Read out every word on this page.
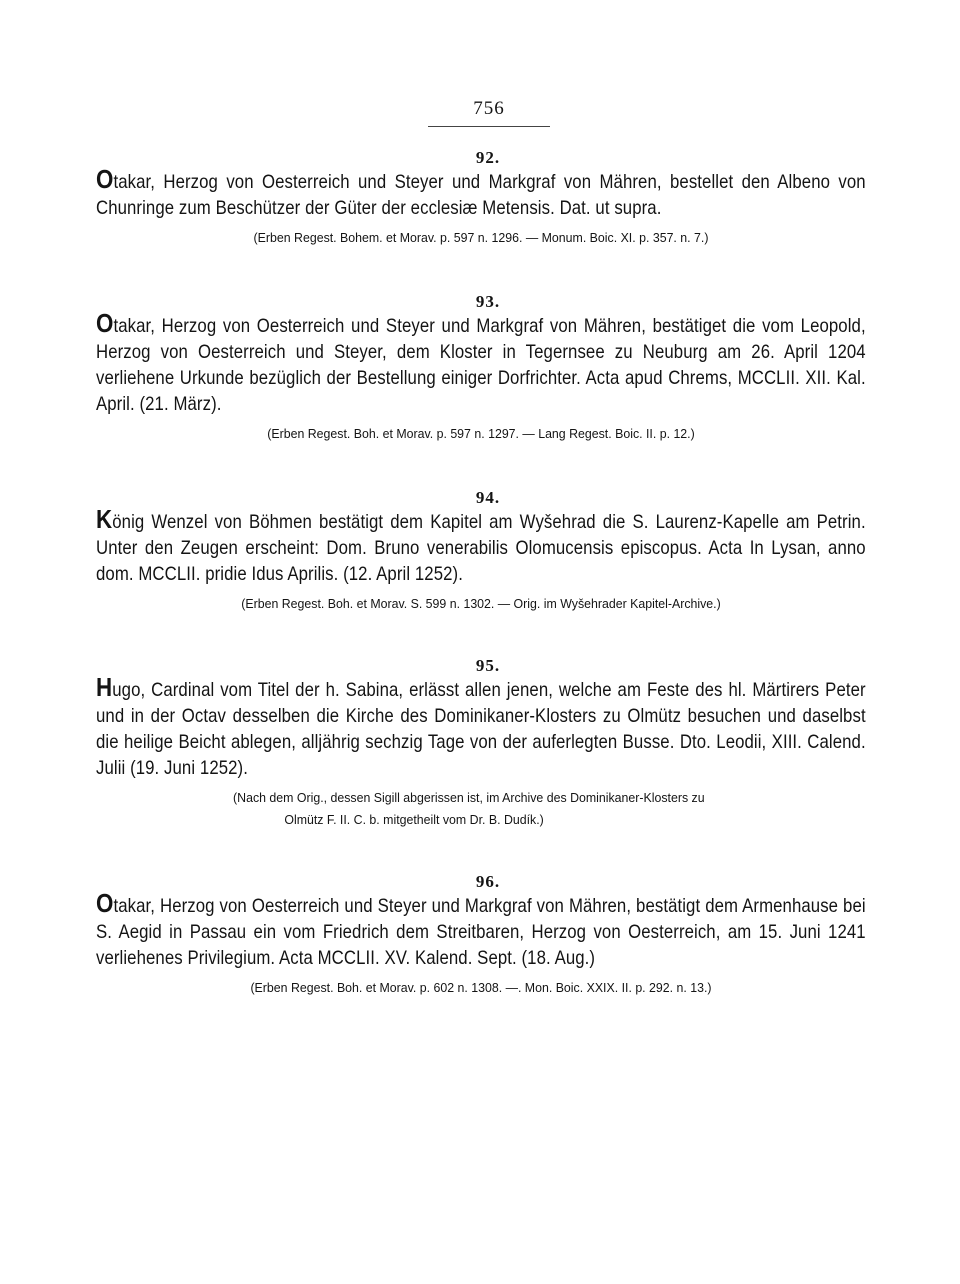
756
92.
Otakar, Herzog von Oesterreich und Steyer und Markgraf von Mähren, bestellet den Albeno von Chunringe zum Beschützer der Güter der ecclesiæ Metensis. Dat. ut supra.
(Erben Regest. Bohem. et Morav. p. 597 n. 1296. — Monum. Boic. XI. p. 357. n. 7.)
93.
Otakar, Herzog von Oesterreich und Steyer und Markgraf von Mähren, bestätiget die vom Leopold, Herzog von Oesterreich und Steyer, dem Kloster in Tegernsee zu Neuburg am 26. April 1204 verliehene Urkunde bezüglich der Bestellung einiger Dorfrichter. Acta apud Chrems, MCCLII. XII. Kal. April. (21. März).
(Erben Regest. Boh. et Morav. p. 597 n. 1297. — Lang Regest. Boic. II. p. 12.)
94.
König Wenzel von Böhmen bestätigt dem Kapitel am Wyšehrad die S. Laurenz-Kapelle am Petrin. Unter den Zeugen erscheint: Dom. Bruno venerabilis Olomucensis episcopus. Acta In Lysan, anno dom. MCCLII. pridie Idus Aprilis. (12. April 1252).
(Erben Regest. Boh. et Morav. S. 599 n. 1302. — Orig. im Wyšehrader Kapitel-Archive.)
95.
Hugo, Cardinal vom Titel der h. Sabina, erlässt allen jenen, welche am Feste des hl. Märtirers Peter und in der Octav desselben die Kirche des Dominikaner-Klosters zu Olmütz besuchen und daselbst die heilige Beicht ablegen, alljährig sechzig Tage von der auferlegten Busse. Dto. Leodii, XIII. Calend. Julii (19. Juni 1252).
(Nach dem Orig., dessen Sigill abgerissen ist, im Archive des Dominikaner-Klosters zu
Olmütz F. II. C. b. mitgetheilt vom Dr. B. Dudík.)
96.
Otakar, Herzog von Oesterreich und Steyer und Markgraf von Mähren, bestätigt dem Armenhause bei S. Aegid in Passau ein vom Friedrich dem Streitbaren, Herzog von Oesterreich, am 15. Juni 1241 verliehenes Privilegium. Acta MCCLII. XV. Kalend. Sept. (18. Aug.)
(Erben Regest. Boh. et Morav. p. 602 n. 1308. —. Mon. Boic. XXIX. II. p. 292. n. 13.)
